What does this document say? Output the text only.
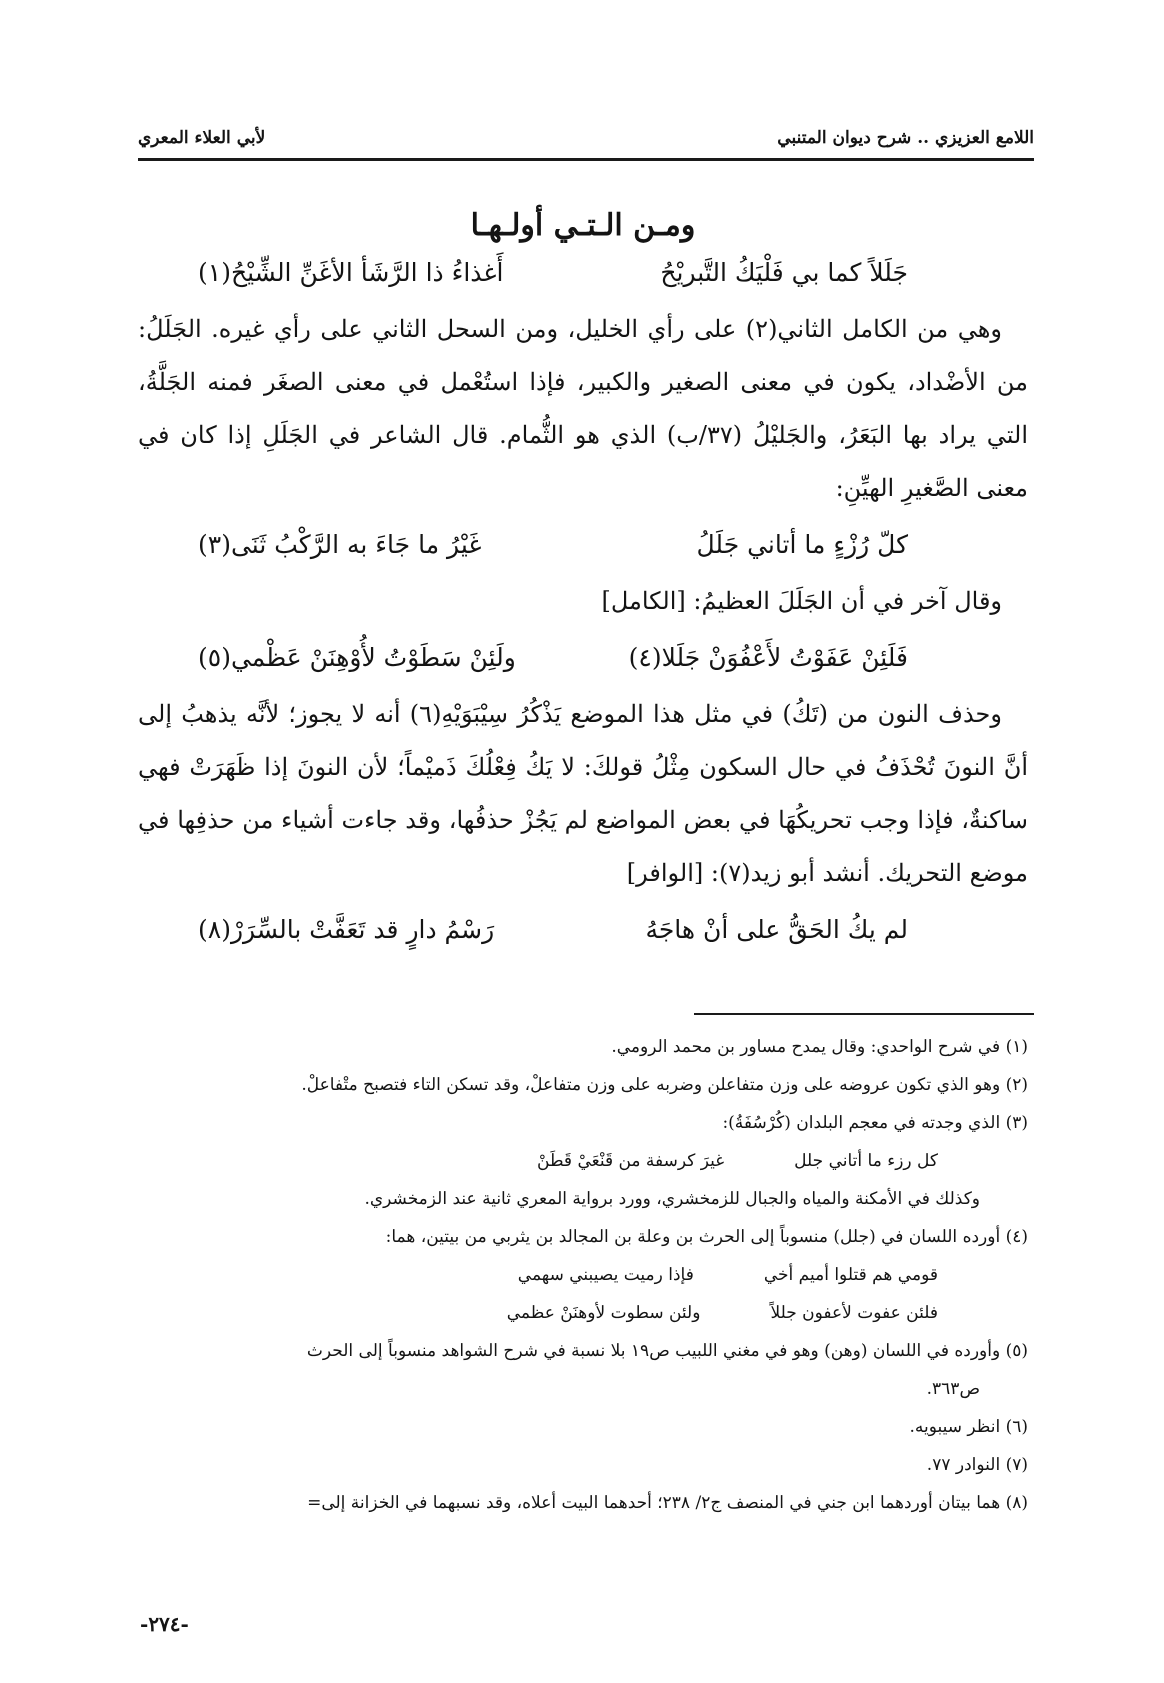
اللامع العزيزي .. شرح ديوان المتنبي
لأبي العلاء المعري
ومـن الـتـي أولـهـا
جَلَلاً كما بي فَلْيَكُ التَّبريْحُ
أَغذاءُ ذا الرَّشَأ الأغَنِّ الشِّيْحُ(١)
وهي من الكامل الثاني(٢) على رأي الخليل، ومن السحل الثاني على رأي غيره. الجَلَلُ: من الأضْداد، يكون في معنى الصغير والكبير، فإذا استُعْمل في معنى الصغَر فمنه الجَلَّةُ، التي يراد بها البَعَرُ، والجَليْلُ (٣٧/ب) الذي هو الثُّمام. قال الشاعر في الجَلَلِ إذا كان في معنى الصَّغيرِ الهيِّنِ:
كلّ رُزْءٍ ما أتاني جَلَلُ
غَيْرُ ما جَاءَ به الرَّكْبُ ثَنَى(٣)
وقال آخر في أن الجَلَلَ العظيمُ: [الكامل]
فَلَئِنْ عَفَوْتُ لأَعْفُوَنْ جَلَلا(٤)
ولَئِنْ سَطَوْتُ لأُوْهِنَنْ عَظْمي(٥)
وحذف النون من (تَكُ) في مثل هذا الموضع يَذْكُرُ سِيْبَوَيْهِ(٦) أنه لا يجوز؛ لأنَّه يذهبُ إلى أنَّ النونَ تُحْذَفُ في حال السكون مِثْلُ قولكَ: لا يَكُ فِعْلُكَ ذَميْماً؛ لأن النونَ إذا ظَهَرَتْ فهي ساكنةٌ، فإذا وجب تحريكُهَا في بعض المواضع لم يَجُزْ حذفُها، وقد جاءت أشياء من حذفِها في موضع التحريك. أنشد أبو زيد(٧): [الوافر]
لم يكُ الحَقُّ على أنْ هاجَهُ
رَسْمُ دارٍ قد تَعَفَّتْ بالسِّرَرْ(٨)

(١) في شرح الواحدي: وقال يمدح مساور بن محمد الرومي.

(٢) وهو الذي تكون عروضه على وزن متفاعلن وضربه على وزن متفاعلْ، وقد تسكن التاء فتصبح متْفاعلْ.

(٣) الذي وجدته في معجم البلدان (كُرْسُفَةُ):

كل رزء ما أتاني جلل
غيرَ كرسفة من قَنْعَيْ قَطَنْ

وكذلك في الأمكنة والمياه والجبال للزمخشري، وورد برواية المعري ثانية عند الزمخشري.

(٤) أورده اللسان في (جلل) منسوباً إلى الحرث بن وعلة بن المجالد بن يثربي من بيتين، هما:

قومي هم قتلوا أميم أخي
فإذا رميت يصيبني سهمي
فلئن عفوت لأعفون جللاً
ولئن سطوت لأوهنَنْ عظمي

(٥) وأورده في اللسان (وهن) وهو في مغني اللبيب ص١٩ بلا نسبة في شرح الشواهد منسوباً إلى الحرث

ص٣٦٣.

(٦) انظر سيبويه.

(٧) النوادر ٧٧.

(٨) هما بيتان أوردهما ابن جني في المنصف ج٢/ ٢٣٨؛ أحدهما البيت أعلاه، وقد نسبهما في الخزانة إلى=

-٢٧٤-
